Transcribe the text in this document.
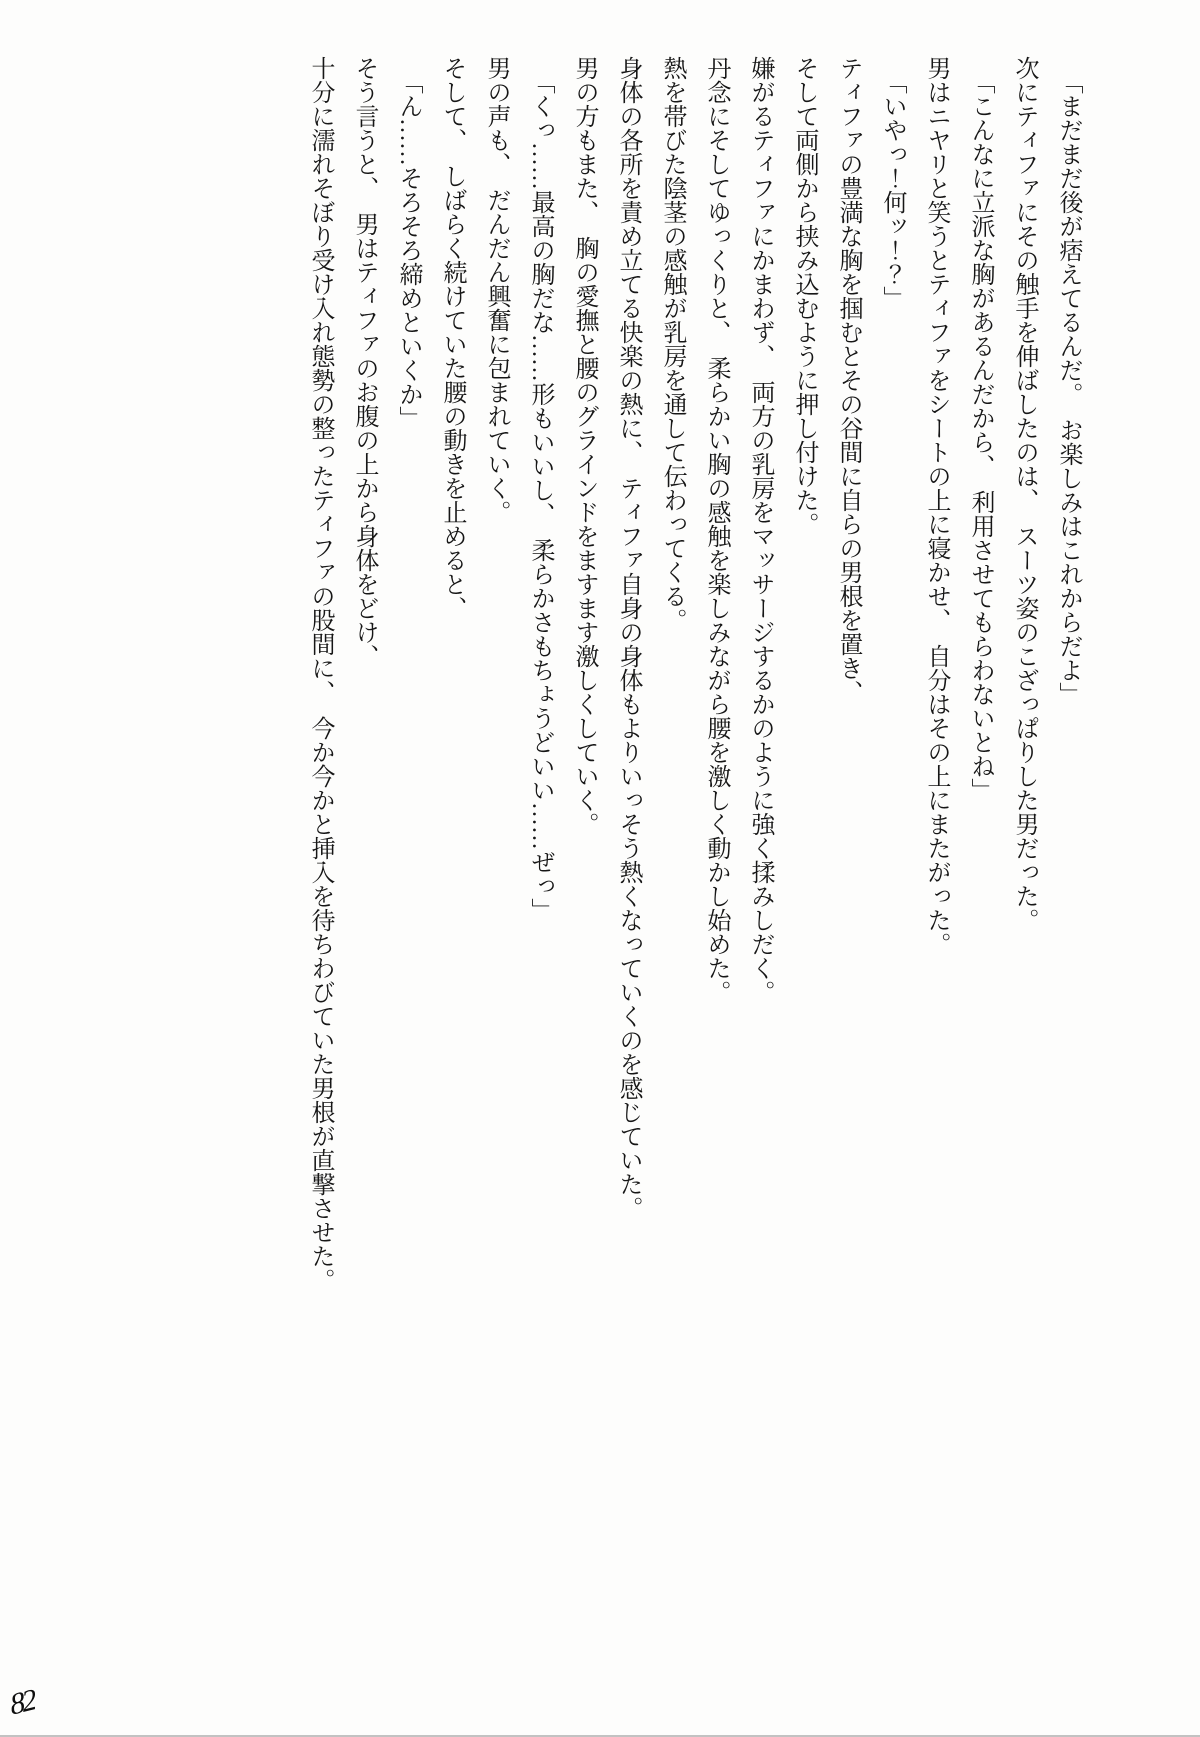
「まだまだ後が痞えてるんだ。　お楽しみはこれからだよ」

次にティファにその触手を伸ばしたのは、　スーツ姿のこざっぱりした男だった。

「こんなに立派な胸があるんだから、　利用させてもらわないとね」

男はニヤリと笑うとティファをシートの上に寝かせ、　自分はその上にまたがった。

「いやっ！何ッ！？」

ティファの豊満な胸を掴むとその谷間に自らの男根を置き、

そして両側から挟み込むように押し付けた。

嫌がるティファにかまわず、　両方の乳房をマッサージするかのように強く揉みしだく。

丹念にそしてゆっくりと、　柔らかい胸の感触を楽しみながら腰を激しく動かし始めた。

熱を帯びた陰茎の感触が乳房を通して伝わってくる。

身体の各所を責め立てる快楽の熱に、　ティファ自身の身体もよりいっそう熱くなっていくのを感じていた。

男の方もまた、　胸の愛撫と腰のグラインドをますます激しくしていく。

「くっ……最高の胸だな……形もいいし、　柔らかさもちょうどいい……ぜっ」

男の声も、　だんだん興奮に包まれていく。

そして、　しばらく続けていた腰の動きを止めると、

「ん……そろそろ締めといくか」

そう言うと、　男はティファのお腹の上から身体をどけ、

十分に濡れそぼり受け入れ態勢の整ったティファの股間に、　今か今かと挿入を待ちわびていた男根が直撃させた。

82
